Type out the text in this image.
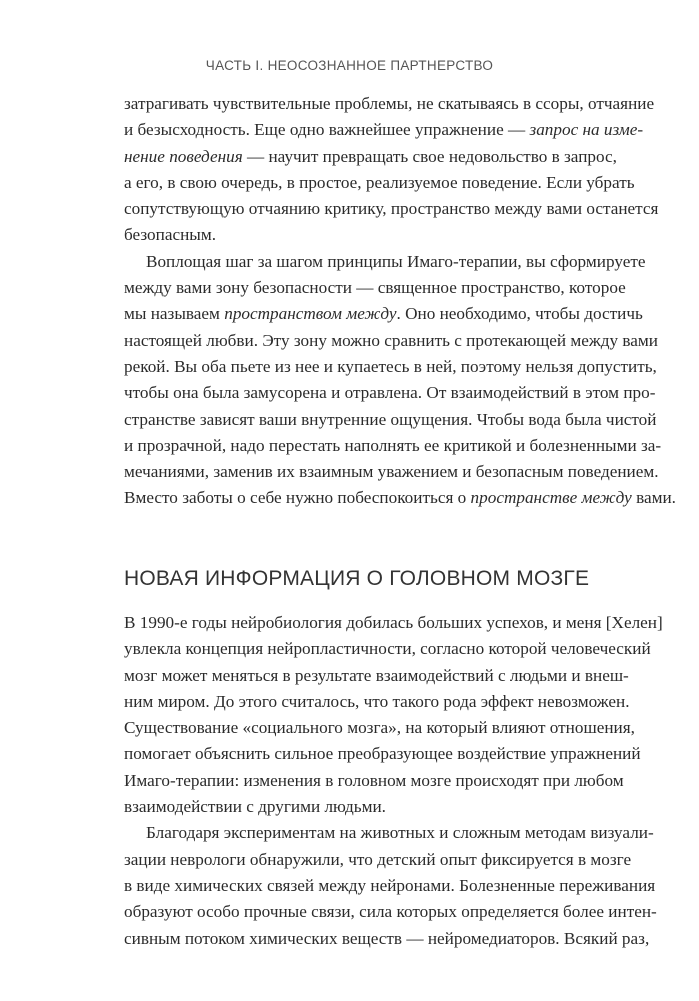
ЧАСТЬ I. НЕОСОЗНАННОЕ ПАРТНЕРСТВО
затрагивать чувствительные проблемы, не скатываясь в ссоры, отчаяние
и безысходность. Еще одно важнейшее упражнение — запрос на изме-
нение поведения — научит превращать свое недовольство в запрос,
а его, в свою очередь, в простое, реализуемое поведение. Если убрать
сопутствующую отчаянию критику, пространство между вами останется
безопасным.
Воплощая шаг за шагом принципы Имаго-терапии, вы сформируете
между вами зону безопасности — священное пространство, которое
мы называем пространством между. Оно необходимо, чтобы достичь
настоящей любви. Эту зону можно сравнить с протекающей между вами
рекой. Вы оба пьете из нее и купаетесь в ней, поэтому нельзя допустить,
чтобы она была замусорена и отравлена. От взаимодействий в этом про-
странстве зависят ваши внутренние ощущения. Чтобы вода была чистой
и прозрачной, надо перестать наполнять ее критикой и болезненными за-
мечаниями, заменив их взаимным уважением и безопасным поведением.
Вместо заботы о себе нужно побеспокоиться о пространстве между вами.
НОВАЯ ИНФОРМАЦИЯ О ГОЛОВНОМ МОЗГЕ
В 1990-е годы нейробиология добилась больших успехов, и меня [Хелен]
увлекла концепция нейропластичности, согласно которой человеческий
мозг может меняться в результате взаимодействий с людьми и внеш-
ним миром. До этого считалось, что такого рода эффект невозможен.
Существование «социального мозга», на который влияют отношения,
помогает объяснить сильное преобразующее воздействие упражнений
Имаго-терапии: изменения в головном мозге происходят при любом
взаимодействии с другими людьми.
Благодаря экспериментам на животных и сложным методам визуали-
зации неврологи обнаружили, что детский опыт фиксируется в мозге
в виде химических связей между нейронами. Болезненные переживания
образуют особо прочные связи, сила которых определяется более интен-
сивным потоком химических веществ — нейромедиаторов. Всякий раз,
